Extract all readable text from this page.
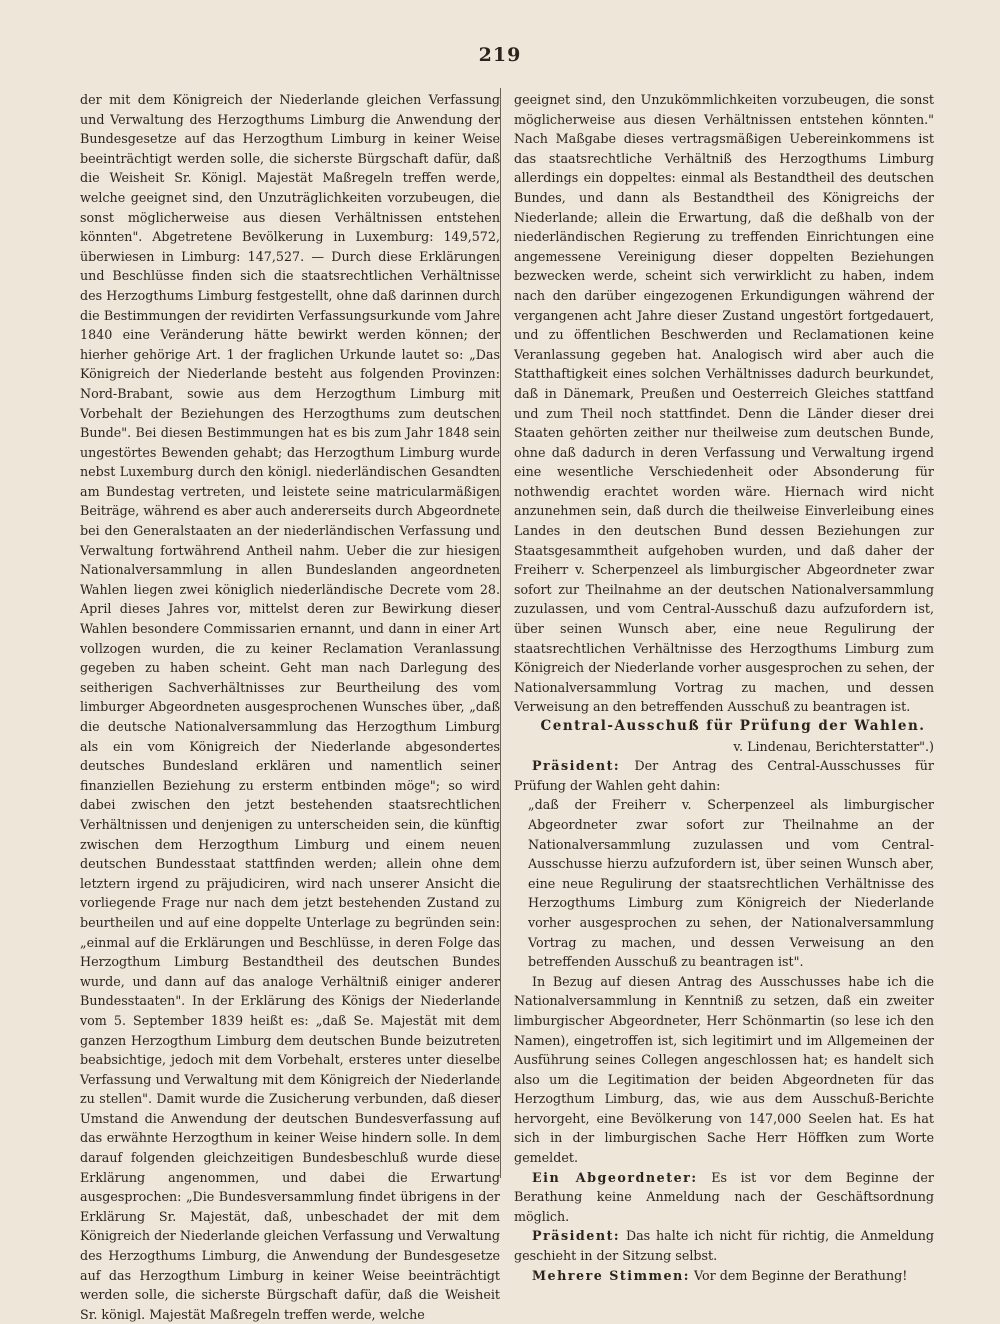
219

der mit dem Königreich der Niederlande gleichen Verfassung und Verwaltung des Herzogthums Limburg die Anwendung der Bundesgesetze auf das Herzogthum Limburg in keiner Weise beeinträchtigt werden solle, die sicherste Bürgschaft dafür, daß die Weisheit Sr. Königl. Majestät Maßregeln treffen werde, welche geeignet sind, den Unzuträglichkeiten vorzubeugen, die sonst möglicherweise aus diesen Verhältnissen entstehen könnten". Abgetretene Bevölkerung in Luxemburg: 149,572, überwiesen in Limburg: 147,527. — Durch diese Erklärungen und Beschlüsse finden sich die staatsrechtlichen Verhältnisse des Herzogthums Limburg festgestellt, ohne daß darinnen durch die Bestimmungen der revidirten Verfassungsurkunde vom Jahre 1840 eine Veränderung hätte bewirkt werden können; der hierher gehörige Art. 1 der fraglichen Urkunde lautet so: „Das Königreich der Niederlande besteht aus folgenden Provinzen: Nord-Brabant, sowie aus dem Herzogthum Limburg mit Vorbehalt der Beziehungen des Herzogthums zum deutschen Bunde". Bei diesen Bestimmungen hat es bis zum Jahr 1848 sein ungestörtes Bewenden gehabt; das Herzogthum Limburg wurde nebst Luxemburg durch den königl. niederländischen Gesandten am Bundestag vertreten, und leistete seine matricularmäßigen Beiträge, während es aber auch andererseits durch Abgeordnete bei den Generalstaaten an der niederländischen Verfassung und Verwaltung fortwährend Antheil nahm. Ueber die zur hiesigen Nationalversammlung in allen Bundeslanden angeordneten Wahlen liegen zwei königlich niederländische Decrete vom 28. April dieses Jahres vor, mittelst deren zur Bewirkung dieser Wahlen besondere Commissarien ernannt, und dann in einer Art vollzogen wurden, die zu keiner Reclamation Veranlassung gegeben zu haben scheint. Geht man nach Darlegung des seitherigen Sachverhältnisses zur Beurtheilung des vom limburger Abgeordneten ausgesprochenen Wunsches über, „daß die deutsche Nationalversammlung das Herzogthum Limburg als ein vom Königreich der Niederlande abgesondertes deutsches Bundesland erklären und namentlich seiner finanziellen Beziehung zu ersterm entbinden möge"; so wird dabei zwischen den jetzt bestehenden staatsrechtlichen Verhältnissen und denjenigen zu unterscheiden sein, die künftig zwischen dem Herzogthum Limburg und einem neuen deutschen Bundesstaat stattfinden werden; allein ohne dem letztern irgend zu präjudiciren, wird nach unserer Ansicht die vorliegende Frage nur nach dem jetzt bestehenden Zustand zu beurtheilen und auf eine doppelte Unterlage zu begründen sein: „einmal auf die Erklärungen und Beschlüsse, in deren Folge das Herzogthum Limburg Bestandtheil des deutschen Bundes wurde, und dann auf das analoge Verhältniß einiger anderer Bundesstaaten". In der Erklärung des Königs der Niederlande vom 5. September 1839 heißt es: „daß Se. Majestät mit dem ganzen Herzogthum Limburg dem deutschen Bunde beizutreten beabsichtige, jedoch mit dem Vorbehalt, ersteres unter dieselbe Verfassung und Verwaltung mit dem Königreich der Niederlande zu stellen". Damit wurde die Zusicherung verbunden, daß dieser Umstand die Anwendung der deutschen Bundesverfassung auf das erwähnte Herzogthum in keiner Weise hindern solle. In dem darauf folgenden gleichzeitigen Bundesbeschluß wurde diese Erklärung angenommen, und dabei die Erwartung ausgesprochen: „Die Bundesversammlung findet übrigens in der Erklärung Sr. Majestät, daß, unbeschadet der mit dem Königreich der Niederlande gleichen Verfassung und Verwaltung des Herzogthums Limburg, die Anwendung der Bundesgesetze auf das Herzogthum Limburg in keiner Weise beeinträchtigt werden solle, die sicherste Bürgschaft dafür, daß die Weisheit Sr. königl. Majestät Maßregeln treffen werde, welche

geeignet sind, den Unzukömmlichkeiten vorzubeugen, die sonst möglicherweise aus diesen Verhältnissen entstehen könnten." Nach Maßgabe dieses vertragsmäßigen Uebereinkommens ist das staatsrechtliche Verhältniß des Herzogthums Limburg allerdings ein doppeltes: einmal als Bestandtheil des deutschen Bundes, und dann als Bestandtheil des Königreichs der Niederlande; allein die Erwartung, daß die deßhalb von der niederländischen Regierung zu treffenden Einrichtungen eine angemessene Vereinigung dieser doppelten Beziehungen bezwecken werde, scheint sich verwirklicht zu haben, indem nach den darüber eingezogenen Erkundigungen während der vergangenen acht Jahre dieser Zustand ungestört fortgedauert, und zu öffentlichen Beschwerden und Reclamationen keine Veranlassung gegeben hat. Analogisch wird aber auch die Statthaftigkeit eines solchen Verhältnisses dadurch beurkundet, daß in Dänemark, Preußen und Oesterreich Gleiches stattfand und zum Theil noch stattfindet. Denn die Länder dieser drei Staaten gehörten zeither nur theilweise zum deutschen Bunde, ohne daß dadurch in deren Verfassung und Verwaltung irgend eine wesentliche Verschiedenheit oder Absonderung für nothwendig erachtet worden wäre. Hiernach wird nicht anzunehmen sein, daß durch die theilweise Einverleibung eines Landes in den deutschen Bund dessen Beziehungen zur Staatsgesammtheit aufgehoben wurden, und daß daher der Freiherr v. Scherpenzeel als limburgischer Abgeordneter zwar sofort zur Theilnahme an der deutschen Nationalversammlung zuzulassen, und vom Central-Ausschuß dazu aufzufordern ist, über seinen Wunsch aber, eine neue Regulirung der staatsrechtlichen Verhältnisse des Herzogthums Limburg zum Königreich der Niederlande vorher ausgesprochen zu sehen, der Nationalversammlung Vortrag zu machen, und dessen Verweisung an den betreffenden Ausschuß zu beantragen ist.

Central-Ausschuß für Prüfung der Wahlen.

v. Lindenau, Berichterstatter".)

Präsident: Der Antrag des Central-Ausschusses für Prüfung der Wahlen geht dahin:

„daß der Freiherr v. Scherpenzeel als limburgischer Abgeordneter zwar sofort zur Theilnahme an der Nationalversammlung zuzulassen und vom Central-Ausschusse hierzu aufzufordern ist, über seinen Wunsch aber, eine neue Regulirung der staatsrechtlichen Verhältnisse des Herzogthums Limburg zum Königreich der Niederlande vorher ausgesprochen zu sehen, der Nationalversammlung Vortrag zu machen, und dessen Verweisung an den betreffenden Ausschuß zu beantragen ist".

In Bezug auf diesen Antrag des Ausschusses habe ich die Nationalversammlung in Kenntniß zu setzen, daß ein zweiter limburgischer Abgeordneter, Herr Schönmartin (so lese ich den Namen), eingetroffen ist, sich legitimirt und im Allgemeinen der Ausführung seines Collegen angeschlossen hat; es handelt sich also um die Legitimation der beiden Abgeordneten für das Herzogthum Limburg, das, wie aus dem Ausschuß-Berichte hervorgeht, eine Bevölkerung von 147,000 Seelen hat. Es hat sich in der limburgischen Sache Herr Höffken zum Worte gemeldet.

Ein Abgeordneter: Es ist vor dem Beginne der Berathung keine Anmeldung nach der Geschäftsordnung möglich.

Präsident: Das halte ich nicht für richtig, die Anmeldung geschieht in der Sitzung selbst.

Mehrere Stimmen: Vor dem Beginne der Berathung!
